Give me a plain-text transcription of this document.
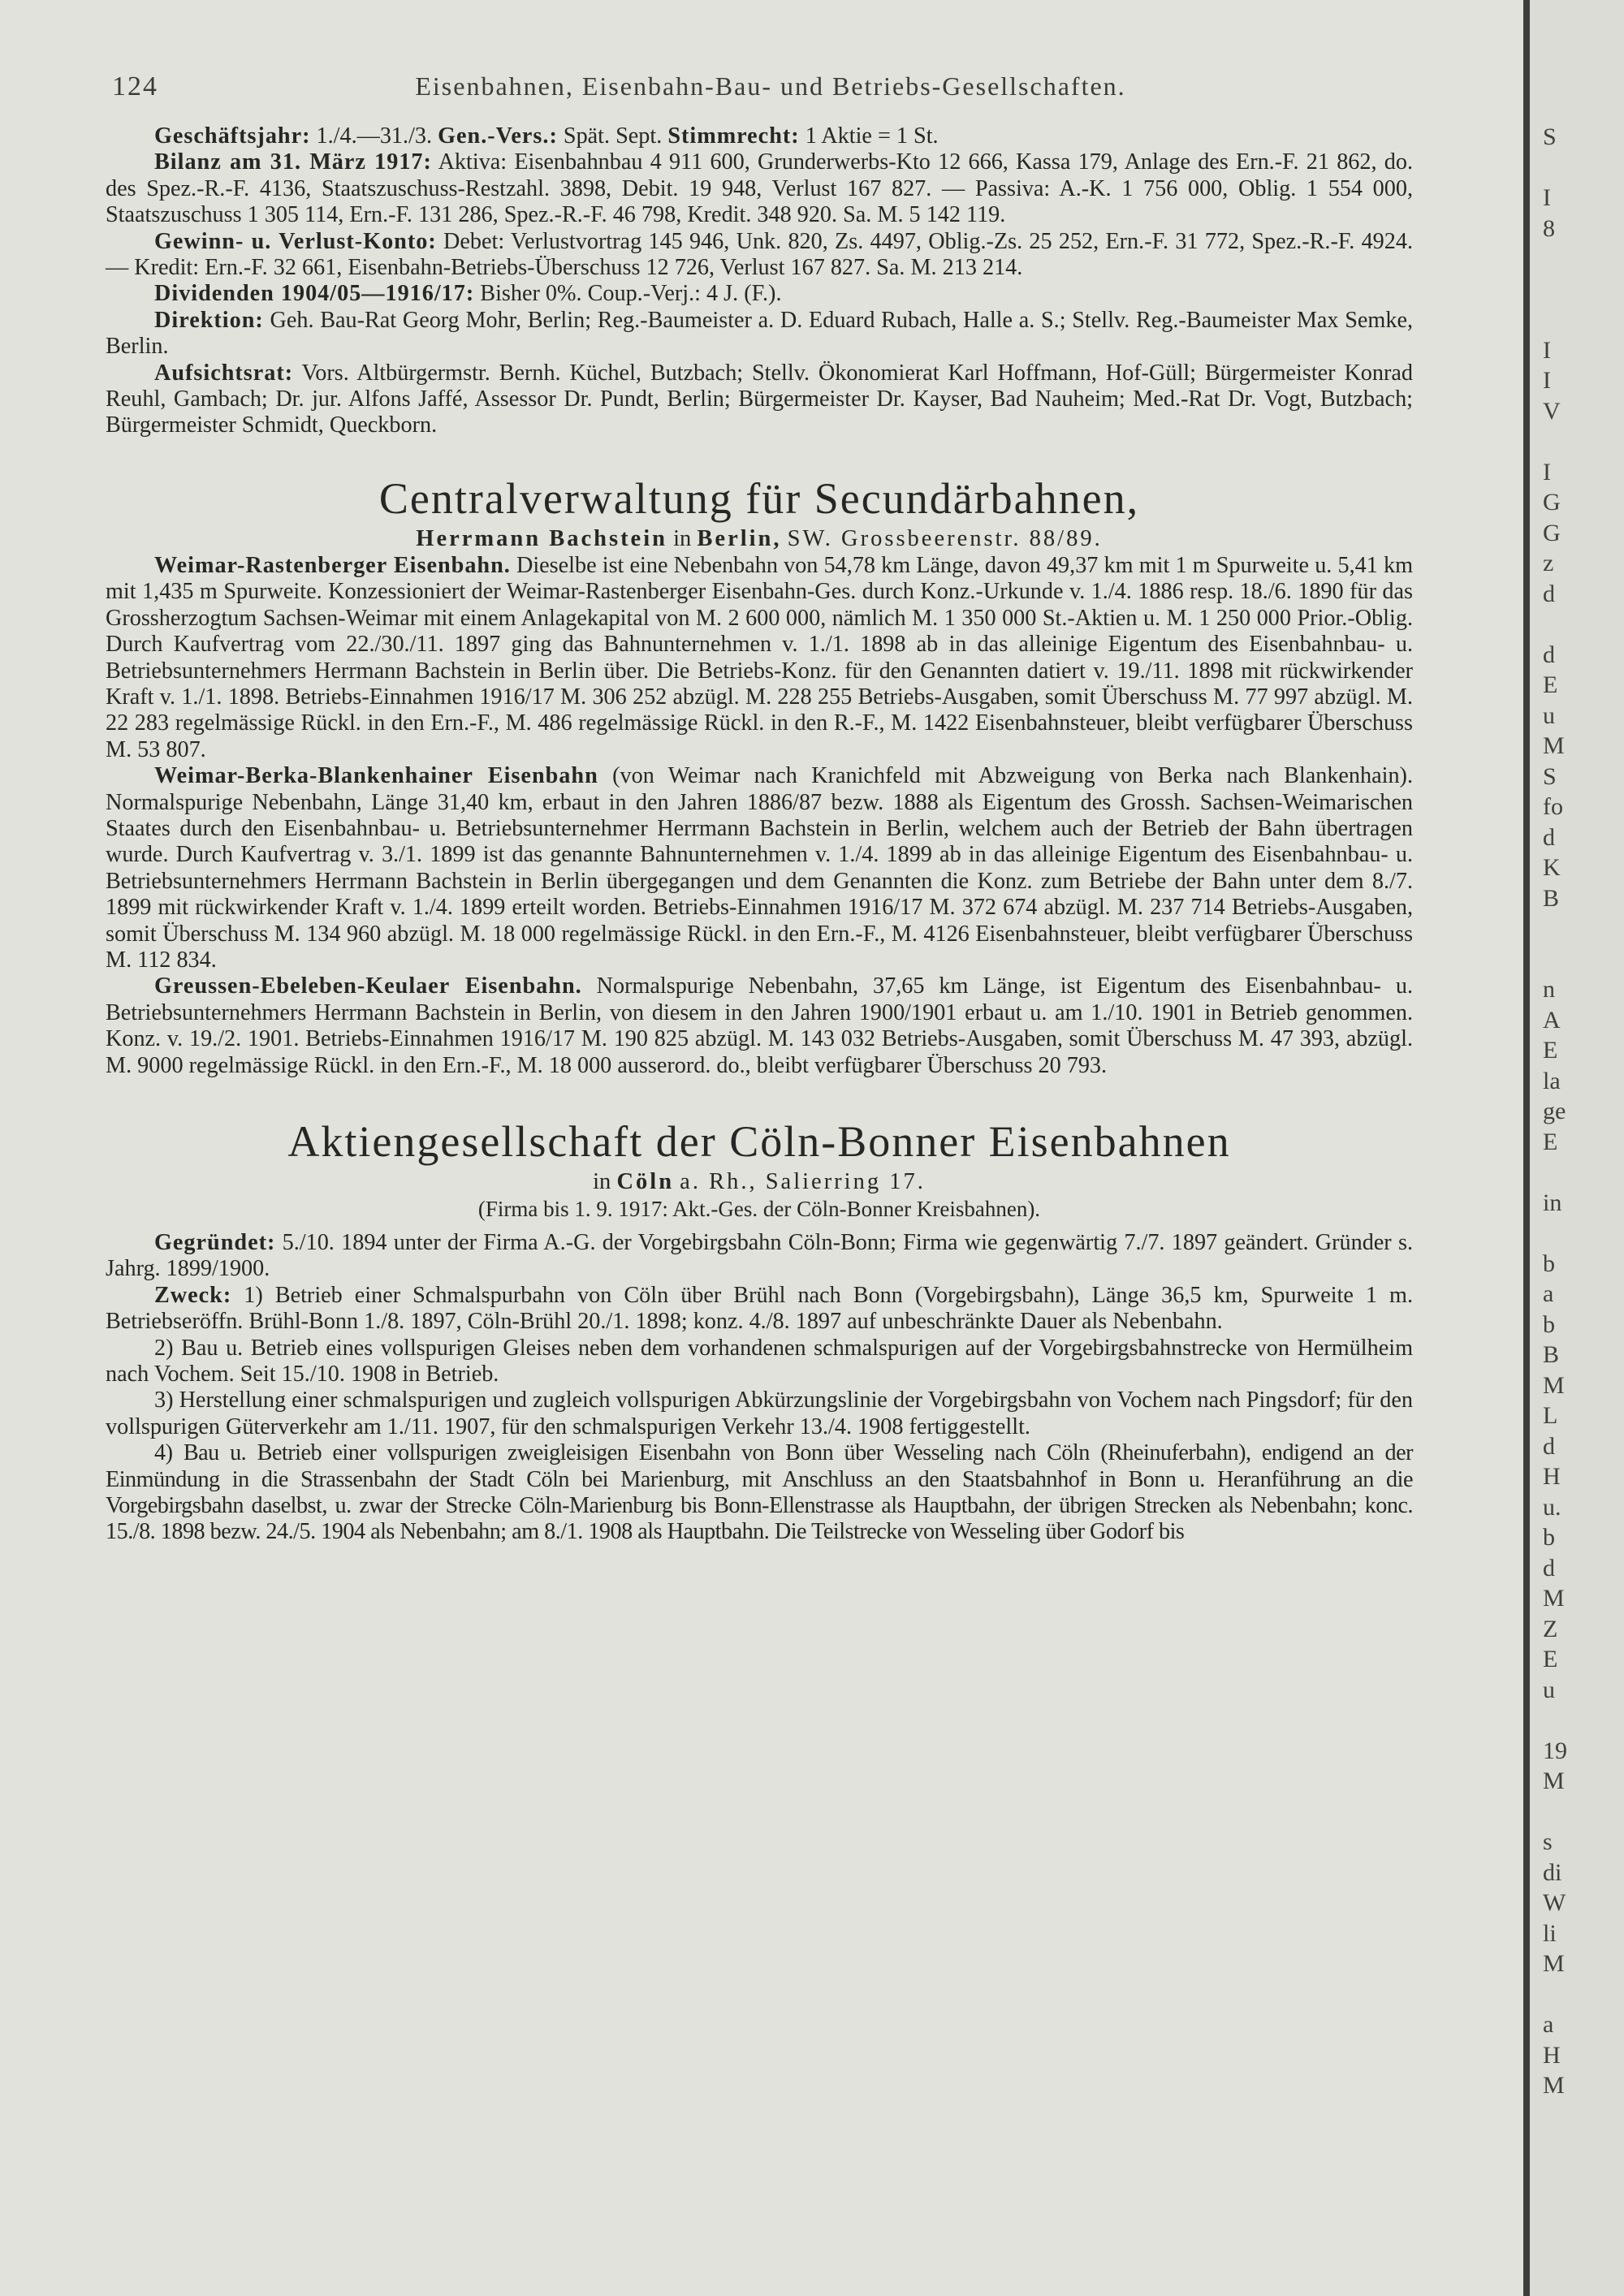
124	Eisenbahnen, Eisenbahn-Bau- und Betriebs-Gesellschaften.

Geschäftsjahr: 1./4.—31./3. Gen.-Vers.: Spät. Sept. Stimmrecht: 1 Aktie = 1 St.

Bilanz am 31. März 1917: Aktiva: Eisenbahnbau 4 911 600, Grunderwerbs-Kto 12 666, Kassa 179, Anlage des Ern.-F. 21 862, do. des Spez.-R.-F. 4136, Staatszuschuss-Restzahl. 3898, Debit. 19 948, Verlust 167 827. — Passiva: A.-K. 1 756 000, Oblig. 1 554 000, Staatszuschuss 1 305 114, Ern.-F. 131 286, Spez.-R.-F. 46 798, Kredit. 348 920. Sa. M. 5 142 119.

Gewinn- u. Verlust-Konto: Debet: Verlustvortrag 145 946, Unk. 820, Zs. 4497, Oblig.-Zs. 25 252, Ern.-F. 31 772, Spez.-R.-F. 4924. — Kredit: Ern.-F. 32 661, Eisenbahn-Betriebs-Überschuss 12 726, Verlust 167 827. Sa. M. 213 214.

Dividenden 1904/05—1916/17: Bisher 0%. Coup.-Verj.: 4 J. (F.).

Direktion: Geh. Bau-Rat Georg Mohr, Berlin; Reg.-Baumeister a. D. Eduard Rubach, Halle a. S.; Stellv. Reg.-Baumeister Max Semke, Berlin.

Aufsichtsrat: Vors. Altbürgermstr. Bernh. Küchel, Butzbach; Stellv. Ökonomierat Karl Hoffmann, Hof-Güll; Bürgermeister Konrad Reuhl, Gambach; Dr. jur. Alfons Jaffé, Assessor Dr. Pundt, Berlin; Bürgermeister Dr. Kayser, Bad Nauheim; Med.-Rat Dr. Vogt, Butzbach; Bürgermeister Schmidt, Queckborn.

Centralverwaltung für Secundärbahnen,

Herrmann Bachstein in Berlin, SW. Grossbeerenstr. 88/89.

Weimar-Rastenberger Eisenbahn. Dieselbe ist eine Nebenbahn von 54,78 km Länge, davon 49,37 km mit 1 m Spurweite u. 5,41 km mit 1,435 m Spurweite. Konzessioniert der Weimar-Rastenberger Eisenbahn-Ges. durch Konz.-Urkunde v. 1./4. 1886 resp. 18./6. 1890 für das Grossherzogtum Sachsen-Weimar mit einem Anlagekapital von M. 2 600 000, nämlich M. 1 350 000 St.-Aktien u. M. 1 250 000 Prior.-Oblig. Durch Kaufvertrag vom 22./30./11. 1897 ging das Bahnunternehmen v. 1./1. 1898 ab in das alleinige Eigentum des Eisenbahnbau- u. Betriebsunternehmers Herrmann Bachstein in Berlin über. Die Betriebs-Konz. für den Genannten datiert v. 19./11. 1898 mit rückwirkender Kraft v. 1./1. 1898. Betriebs-Einnahmen 1916/17 M. 306 252 abzügl. M. 228 255 Betriebs-Ausgaben, somit Überschuss M. 77 997 abzügl. M. 22 283 regelmässige Rückl. in den Ern.-F., M. 486 regelmässige Rückl. in den R.-F., M. 1422 Eisenbahnsteuer, bleibt verfügbarer Überschuss M. 53 807.

Weimar-Berka-Blankenhainer Eisenbahn (von Weimar nach Kranichfeld mit Abzweigung von Berka nach Blankenhain). Normalspurige Nebenbahn, Länge 31,40 km, erbaut in den Jahren 1886/87 bezw. 1888 als Eigentum des Grossh. Sachsen-Weimarischen Staates durch den Eisenbahnbau- u. Betriebsunternehmer Herrmann Bachstein in Berlin, welchem auch der Betrieb der Bahn übertragen wurde. Durch Kaufvertrag v. 3./1. 1899 ist das genannte Bahnunternehmen v. 1./4. 1899 ab in das alleinige Eigentum des Eisenbahnbau- u. Betriebsunternehmers Herrmann Bachstein in Berlin übergegangen und dem Genannten die Konz. zum Betriebe der Bahn unter dem 8./7. 1899 mit rückwirkender Kraft v. 1./4. 1899 erteilt worden. Betriebs-Einnahmen 1916/17 M. 372 674 abzügl. M. 237 714 Betriebs-Ausgaben, somit Überschuss M. 134 960 abzügl. M. 18 000 regelmässige Rückl. in den Ern.-F., M. 4126 Eisenbahnsteuer, bleibt verfügbarer Überschuss M. 112 834.

Greussen-Ebeleben-Keulaer Eisenbahn. Normalspurige Nebenbahn, 37,65 km Länge, ist Eigentum des Eisenbahnbau- u. Betriebsunternehmers Herrmann Bachstein in Berlin, von diesem in den Jahren 1900/1901 erbaut u. am 1./10. 1901 in Betrieb genommen. Konz. v. 19./2. 1901. Betriebs-Einnahmen 1916/17 M. 190 825 abzügl. M. 143 032 Betriebs-Ausgaben, somit Überschuss M. 47 393, abzügl. M. 9000 regelmässige Rückl. in den Ern.-F., M. 18 000 ausserord. do., bleibt verfügbarer Überschuss 20 793.

Aktiengesellschaft der Cöln-Bonner Eisenbahnen

in Cöln a. Rh., Salierring 17.

(Firma bis 1. 9. 1917: Akt.-Ges. der Cöln-Bonner Kreisbahnen).

Gegründet: 5./10. 1894 unter der Firma A.-G. der Vorgebirgsbahn Cöln-Bonn; Firma wie gegenwärtig 7./7. 1897 geändert. Gründer s. Jahrg. 1899/1900.

Zweck: 1) Betrieb einer Schmalspurbahn von Cöln über Brühl nach Bonn (Vorgebirgsbahn), Länge 36,5 km, Spurweite 1 m. Betriebseröffn. Brühl-Bonn 1./8. 1897, Cöln-Brühl 20./1. 1898; konz. 4./8. 1897 auf unbeschränkte Dauer als Nebenbahn.

2) Bau u. Betrieb eines vollspurigen Gleises neben dem vorhandenen schmalspurigen auf der Vorgebirgsbahnstrecke von Hermülheim nach Vochem. Seit 15./10. 1908 in Betrieb.

3) Herstellung einer schmalspurigen und zugleich vollspurigen Abkürzungslinie der Vorgebirgsbahn von Vochem nach Pingsdorf; für den vollspurigen Güterverkehr am 1./11. 1907, für den schmalspurigen Verkehr 13./4. 1908 fertiggestellt.

4) Bau u. Betrieb einer vollspurigen zweigleisigen Eisenbahn von Bonn über Wesseling nach Cöln (Rheinuferbahn), endigend an der Einmündung in die Strassenbahn der Stadt Cöln bei Marienburg, mit Anschluss an den Staatsbahnhof in Bonn u. Heranführung an die Vorgebirgsbahn daselbst, u. zwar der Strecke Cöln-Marienburg bis Bonn-Ellenstrasse als Hauptbahn, der übrigen Strecken als Nebenbahn; konc. 15./8. 1898 bezw. 24./5. 1904 als Nebenbahn; am 8./1. 1908 als Hauptbahn. Die Teilstrecke von Wesseling über Godorf bis

S
I
8
I
I
V
I
G
G
z
d
d
E
u
M
S
fo
d
K
B
n
A
E
la
ge
E
in
b
a
b
B
M
L
d
H
u.
b
d
M
Z
E
u
19
M
s
di
W
li
M
a
H
M
